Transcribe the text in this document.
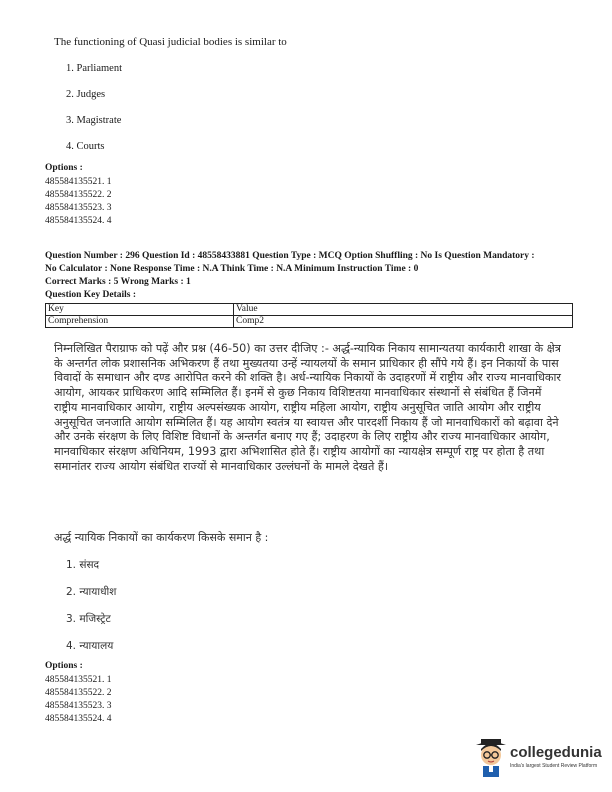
The functioning of Quasi judicial bodies is similar to
1. Parliament
2. Judges
3. Magistrate
4. Courts
Options :
485584135521. 1
485584135522. 2
485584135523. 3
485584135524. 4
Question Number : 296 Question Id : 48558433881 Question Type : MCQ Option Shuffling : No Is Question Mandatory :
No Calculator : None Response Time : N.A Think Time : N.A Minimum Instruction Time : 0
Correct Marks : 5 Wrong Marks : 1
Question Key Details :
Key	Value
Comprehension	Comp2
निम्नलिखित पैराग्राफ को पढ़ें और प्रश्न (46-50) का उत्तर दीजिए :- अर्द्ध-न्यायिक निकाय सामान्यतया कार्यकारी शाखा के क्षेत्र के अन्तर्गत लोक प्रशासनिक अभिकरण हैं तथा मुख्यतया उन्हें न्यायलयों के समान प्राधिकार ही सौंपे गये हैं। इन निकायों के पास विवादों के समाधान और दण्ड आरोपित करने की शक्ति है। अर्ध-न्यायिक निकायों के उदाहरणों में राष्ट्रीय और राज्य मानवाधिकार आयोग, आयकर प्राधिकरण आदि सम्मिलित हैं। इनमें से कुछ निकाय विशिष्टतया मानवाधिकार संस्थानों से संबंधित हैं जिनमें राष्ट्रीय मानवाधिकार आयोग, राष्ट्रीय अल्पसंख्यक आयोग, राष्ट्रीय महिला आयोग, राष्ट्रीय अनुसूचित जाति आयोग और राष्ट्रीय अनुसूचित जनजाति आयोग सम्मिलित हैं। यह आयोग स्वतंत्र या स्वायत्त और पारदर्शी निकाय हैं जो मानवाधिकारों को बढ़ावा देने और उनके संरक्षण के लिए विशिष्ट विधानों के अन्तर्गत बनाए गए हैं; उदाहरण के लिए राष्ट्रीय और राज्य मानवाधिकार आयोग, मानवाधिकार संरक्षण अधिनियम, 1993 द्वारा अभिशासित होते हैं। राष्ट्रीय आयोगों का न्यायक्षेत्र सम्पूर्ण राष्ट्र पर होता है तथा समानांतर राज्य आयोग संबंधित राज्यों से मानवाधिकार उल्लंघनों के मामले देखते हैं।
अर्द्ध न्यायिक निकायों का कार्यकरण किसके समान है :
1. संसद
2. न्यायाधीश
3. मजिस्ट्रेट
4. न्यायालय
Options :
485584135521. 1
485584135522. 2
485584135523. 3
485584135524. 4
collegedunia
India's largest Student Review Platform
